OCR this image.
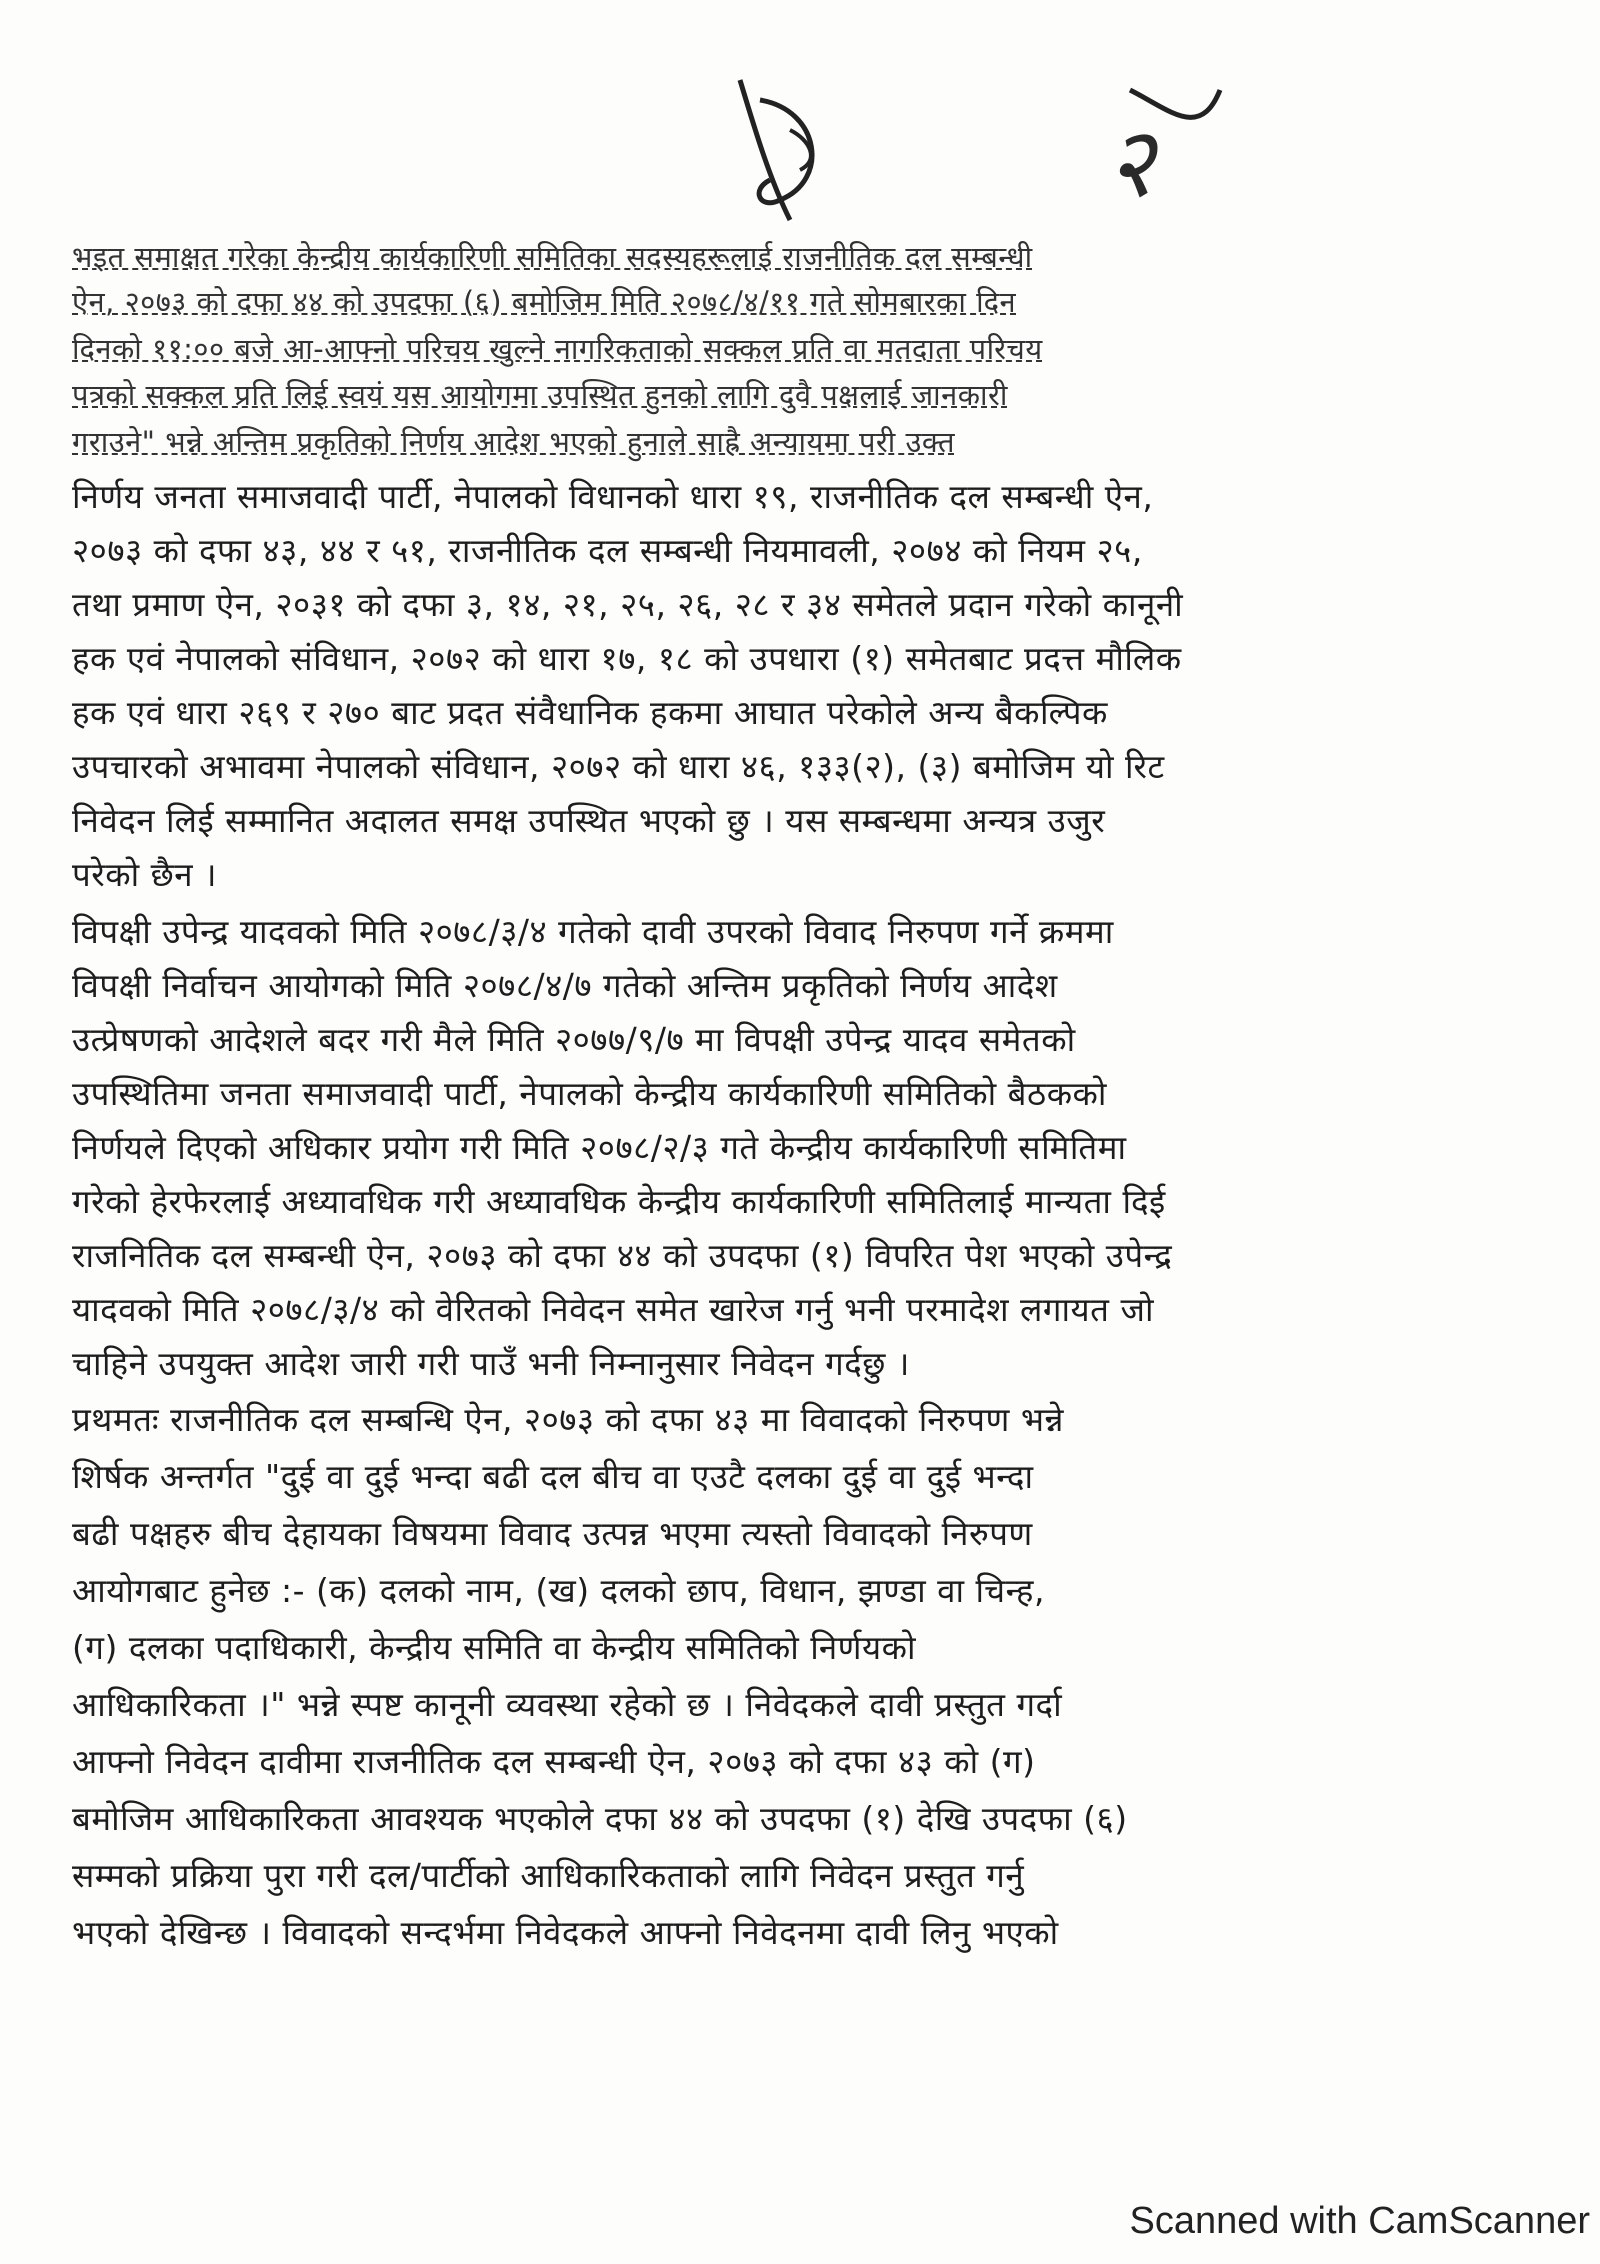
२
भइत समाक्षत गरेका केन्द्रीय कार्यकारिणी समितिका सदस्यहरूलाई राजनीतिक दल सम्बन्धी
ऐन, २०७३ को दफा ४४ को उपदफा (६) बमोजिम मिति २०७८/४/११ गते सोमबारका दिन
दिनको ११:०० बजे आ-आफ्नो परिचय खुल्ने नागरिकताको सक्कल प्रति वा मतदाता परिचय
पत्रको सक्कल प्रति लिई स्वयं यस आयोगमा उपस्थित हुनको लागि दुवै पक्षलाई जानकारी
गराउने" भन्ने अन्तिम प्रकृतिको निर्णय आदेश भएको हुनाले साह्रै अन्यायमा परी उक्त
निर्णय जनता समाजवादी पार्टी, नेपालको विधानको धारा १९, राजनीतिक दल सम्बन्धी ऐन,
२०७३ को दफा ४३, ४४ र ५१, राजनीतिक दल सम्बन्धी नियमावली, २०७४ को नियम २५,
तथा प्रमाण ऐन, २०३१ को दफा ३, १४, २१, २५, २६, २८ र ३४ समेतले प्रदान गरेको कानूनी
हक एवं नेपालको संविधान, २०७२ को धारा १७, १८ को उपधारा (१) समेतबाट प्रदत्त मौलिक
हक एवं धारा २६९ र २७० बाट प्रदत संवैधानिक हकमा आघात परेकोले अन्य बैकल्पिक
उपचारको अभावमा नेपालको संविधान, २०७२ को धारा ४६, १३३(२), (३) बमोजिम यो रिट
निवेदन लिई सम्मानित अदालत समक्ष उपस्थित भएको छु । यस सम्बन्धमा अन्यत्र उजुर
परेको छैन ।
विपक्षी उपेन्द्र यादवको मिति २०७८/३/४ गतेको दावी उपरको विवाद निरुपण गर्ने क्रममा
विपक्षी निर्वाचन आयोगको मिति २०७८/४/७ गतेको अन्तिम प्रकृतिको निर्णय आदेश
उत्प्रेषणको आदेशले बदर गरी मैले मिति २०७७/९/७ मा विपक्षी उपेन्द्र यादव समेतको
उपस्थितिमा जनता समाजवादी पार्टी, नेपालको केन्द्रीय कार्यकारिणी समितिको बैठकको
निर्णयले दिएको अधिकार प्रयोग गरी मिति २०७८/२/३ गते केन्द्रीय कार्यकारिणी समितिमा
गरेको हेरफेरलाई अध्यावधिक गरी अध्यावधिक केन्द्रीय कार्यकारिणी समितिलाई मान्यता दिई
राजनितिक दल सम्बन्धी ऐन, २०७३ को दफा ४४ को उपदफा (१) विपरित पेश भएको उपेन्द्र
यादवको मिति २०७८/३/४ को वेरितको निवेदन समेत खारेज गर्नु भनी परमादेश लगायत जो
चाहिने उपयुक्त आदेश जारी गरी पाउँ भनी निम्नानुसार निवेदन गर्दछु ।
प्रथमतः राजनीतिक दल सम्बन्धि ऐन, २०७३ को दफा ४३ मा विवादको निरुपण भन्ने
शिर्षक अन्तर्गत "दुई वा दुई भन्दा बढी दल बीच वा एउटै दलका दुई वा दुई भन्दा
बढी पक्षहरु बीच देहायका विषयमा विवाद उत्पन्न भएमा त्यस्तो विवादको निरुपण
आयोगबाट हुनेछ :- (क) दलको नाम, (ख) दलको छाप, विधान, झण्डा वा चिन्ह,
(ग) दलका पदाधिकारी, केन्द्रीय समिति वा केन्द्रीय समितिको निर्णयको
आधिकारिकता ।" भन्ने स्पष्ट कानूनी व्यवस्था रहेको छ । निवेदकले दावी प्रस्तुत गर्दा
आफ्नो निवेदन दावीमा राजनीतिक दल सम्बन्धी ऐन, २०७३ को दफा ४३ को (ग)
बमोजिम आधिकारिकता आवश्यक भएकोले दफा ४४ को उपदफा (१) देखि उपदफा (६)
सम्मको प्रक्रिया पुरा गरी दल/पार्टीको आधिकारिकताको लागि निवेदन प्रस्तुत गर्नु
भएको देखिन्छ । विवादको सन्दर्भमा निवेदकले आफ्नो निवेदनमा दावी लिनु भएको
Scanned with CamScanner
